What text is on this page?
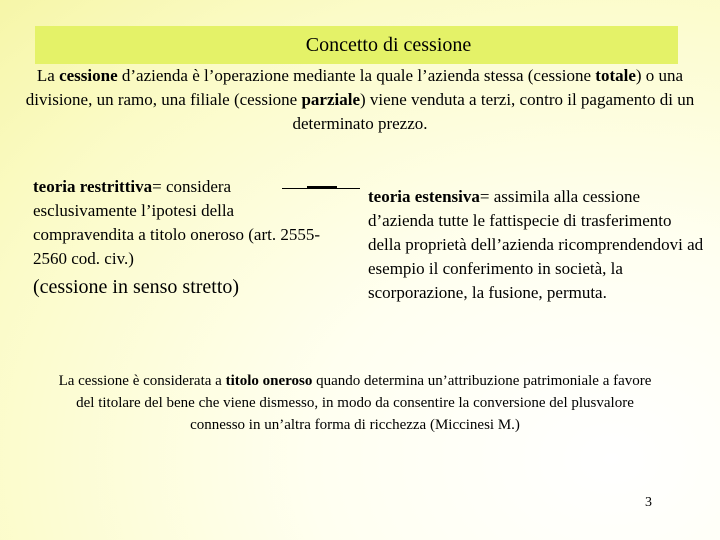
Concetto di cessione
La cessione d’azienda è l’operazione mediante la quale l’azienda stessa (cessione totale) o una divisione, un ramo, una filiale (cessione parziale) viene venduta a terzi, contro il pagamento di un determinato prezzo.
teoria restrittiva= considera esclusivamente l’ipotesi della compravendita a titolo oneroso (art. 2555-2560 cod. civ.)
(cessione in senso stretto)
teoria estensiva= assimila alla cessione d’azienda tutte le fattispecie di trasferimento della proprietà dell’azienda ricomprendendovi ad esempio il conferimento in società, la scorporazione, la fusione, permuta.
La cessione è considerata a titolo oneroso quando determina un’attribuzione patrimoniale a favore del titolare del bene che viene dismesso, in modo da consentire la conversione del plusvalore connesso in un’altra forma di ricchezza (Miccinesi M.)
3
